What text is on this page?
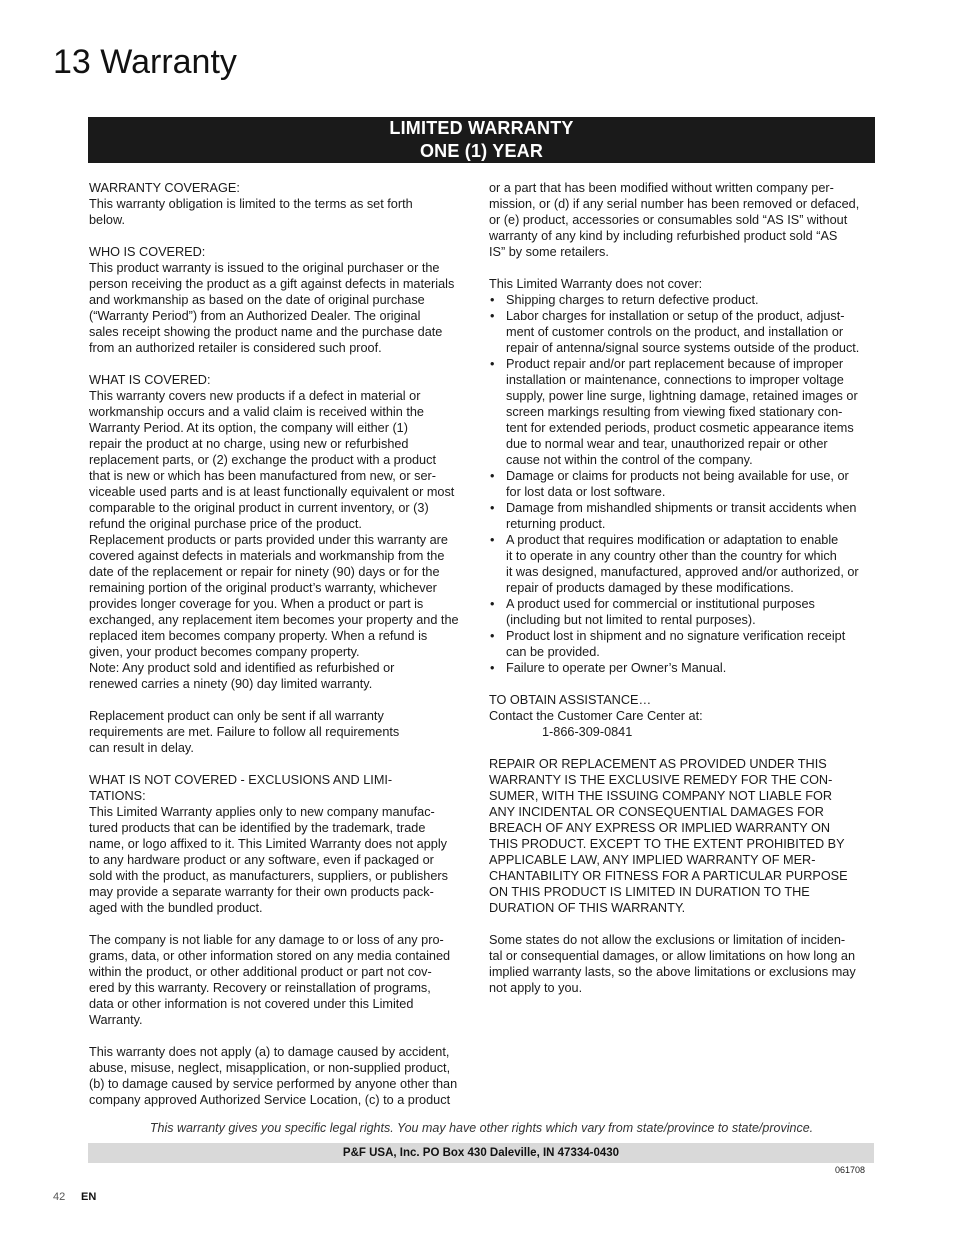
13 Warranty
LIMITED WARRANTY
ONE (1) YEAR
WARRANTY COVERAGE:
This warranty obligation is limited to the terms as set forth
below.
WHO IS COVERED:
This product warranty is issued to the original purchaser or the
person receiving the product as a gift against defects in materials
and workmanship as based on the date of original purchase
(“Warranty Period”) from an Authorized Dealer. The original
sales receipt showing the product name and the purchase date
from an authorized retailer is considered such proof.
WHAT IS COVERED:
This warranty covers new products if a defect in material or
workmanship occurs and a valid claim is received within the
Warranty Period. At its option, the company will either (1)
repair the product at no charge, using new or refurbished
replacement parts, or (2) exchange the product with a product
that is new or which has been manufactured from new, or ser-
viceable used parts and is at least functionally equivalent or most
comparable to the original product in current inventory, or (3)
refund the original purchase price of the product.
Replacement products or parts provided under this warranty are
covered against defects in materials and workmanship from the
date of the replacement or repair for ninety (90) days or for the
remaining portion of the original product’s warranty, whichever
provides longer coverage for you. When a product or part is
exchanged, any replacement item becomes your property and the
replaced item becomes company property. When a refund is
given, your product becomes company property.
Note: Any product sold and identified as refurbished or
renewed carries a ninety (90) day limited warranty.
Replacement product can only be sent if all warranty
requirements are met. Failure to follow all requirements
can result in delay.
WHAT IS NOT COVERED - EXCLUSIONS AND LIMI-
TATIONS:
This Limited Warranty applies only to new company manufac-
tured products that can be identified by the trademark, trade
name, or logo affixed to it. This Limited Warranty does not apply
to any hardware product or any software, even if packaged or
sold with the product, as manufacturers, suppliers, or publishers
may provide a separate warranty for their own products pack-
aged with the bundled product.
The company is not liable for any damage to or loss of any pro-
grams, data, or other information stored on any media contained
within the product, or other additional product or part not cov-
ered by this warranty. Recovery or reinstallation of programs,
data or other information is not covered under this Limited
Warranty.
This warranty does not apply (a) to damage caused by accident,
abuse, misuse, neglect, misapplication, or non-supplied product,
(b) to damage caused by service performed by anyone other than
company approved Authorized Service Location, (c) to a product
or a part that has been modified without written company per-
mission, or (d) if any serial number has been removed or defaced,
or (e) product, accessories or consumables sold “AS IS” without
warranty of any kind by including refurbished product sold “AS
IS” by some retailers.
This Limited Warranty does not cover:
• Shipping charges to return defective product.
• Labor charges for installation or setup of the product, adjust-
ment of customer controls on the product, and installation or
repair of antenna/signal source systems outside of the product.
• Product repair and/or part replacement because of improper
installation or maintenance, connections to improper voltage
supply, power line surge, lightning damage, retained images or
screen markings resulting from viewing fixed stationary con-
tent for extended periods, product cosmetic appearance items
due to normal wear and tear, unauthorized repair or other
cause not within the control of the company.
• Damage or claims for products not being available for use, or
for lost data or lost software.
• Damage from mishandled shipments or transit accidents when
returning product.
• A product that requires modification or adaptation to enable
it to operate in any country other than the country for which
it was designed, manufactured, approved and/or authorized, or
repair of products damaged by these modifications.
• A product used for commercial or institutional purposes
(including but not limited to rental purposes).
• Product lost in shipment and no signature verification receipt
can be provided.
• Failure to operate per Owner’s Manual.
TO OBTAIN ASSISTANCE…
Contact the Customer Care Center at:
1-866-309-0841
REPAIR OR REPLACEMENT AS PROVIDED UNDER THIS
WARRANTY IS THE EXCLUSIVE REMEDY FOR THE CON-
SUMER, WITH THE ISSUING COMPANY NOT LIABLE FOR
ANY INCIDENTAL OR CONSEQUENTIAL DAMAGES FOR
BREACH OF ANY EXPRESS OR IMPLIED WARRANTY ON
THIS PRODUCT. EXCEPT TO THE EXTENT PROHIBITED BY
APPLICABLE LAW, ANY IMPLIED WARRANTY OF MER-
CHANTABILITY OR FITNESS FOR A PARTICULAR PURPOSE
ON THIS PRODUCT IS LIMITED IN DURATION TO THE
DURATION OF THIS WARRANTY.
Some states do not allow the exclusions or limitation of inciden-
tal or consequential damages, or allow limitations on how long an
implied warranty lasts, so the above limitations or exclusions may
not apply to you.
This warranty gives you specific legal rights. You may have other rights which vary from state/province to state/province.
P&F USA, Inc. PO Box 430 Daleville, IN 47334-0430
061708
42 EN
